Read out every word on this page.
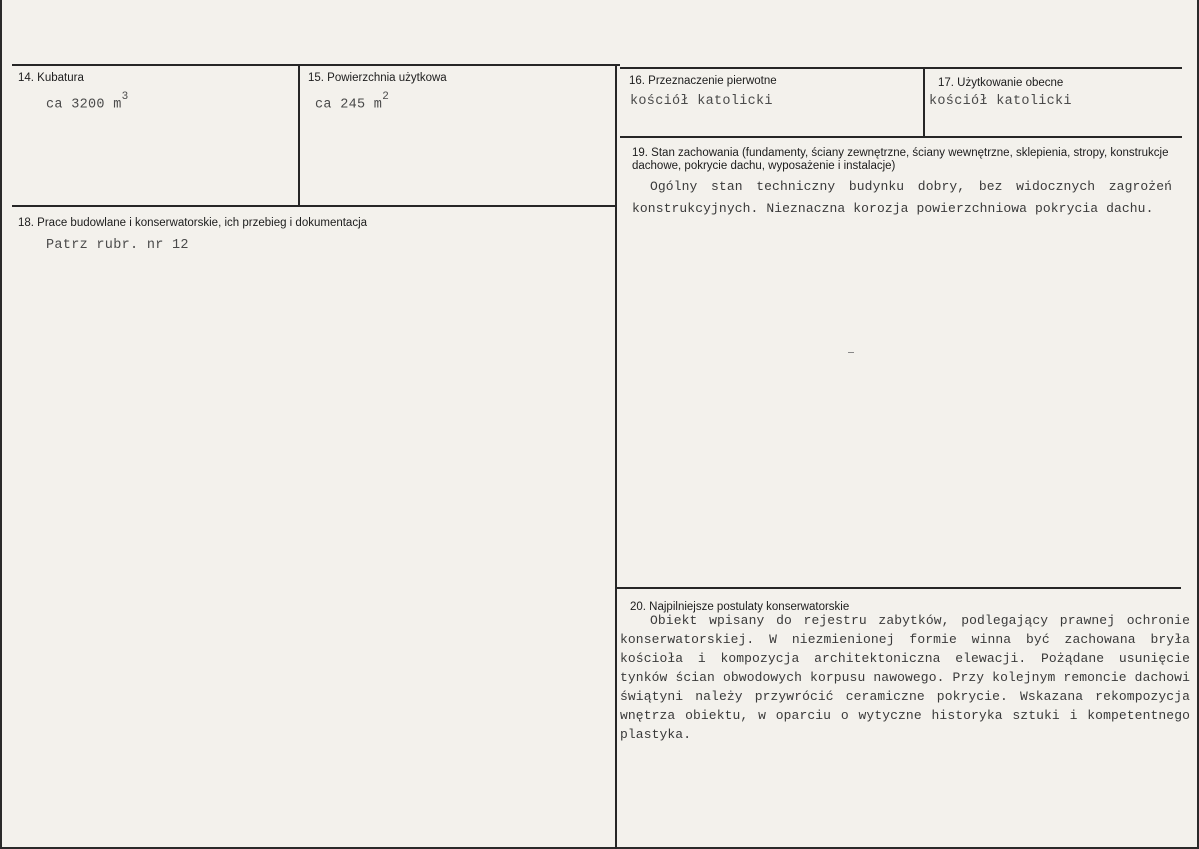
14. Kubatura
ca 3200 $m^3$
15. Powierzchnia użytkowa
ca 245 $m^2$
16. Przeznaczenie pierwotne
kościół katolicki
17. Użytkowanie obecne
kościół katolicki
18. Prace budowlane i konserwatorskie, ich przebieg i dokumentacja
Patrz rubr. nr 12
19. Stan zachowania (fundamenty, ściany zewnętrzne, ściany wewnętrzne, sklepienia, stropy, konstrukcje dachowe, pokrycie dachu, wyposażenie i instalacje)
Ogólny stan techniczny budynku dobry, bez widocznych zagrożeń konstrukcyjnych. Nieznaczna korozja powierzchniowa pokrycia dachu.
20. Najpilniejsze postulaty konserwatorskie
Obiekt wpisany do rejestru zabytków, podlegający prawnej ochronie konserwatorskiej. W niezmienionej formie winna być zachowana bryła kościoła i kompozycja architektoniczna elewacji. Pożądane usunięcie tynków ścian obwodowych korpusu nawowego. Przy kolejnym remoncie dachowi świątyni należy przywrócić ceramiczne pokrycie. Wskazana rekompozycja wnętrza obiektu, w oparciu o wytyczne historyka sztuki i kompetentnego plastyka.
